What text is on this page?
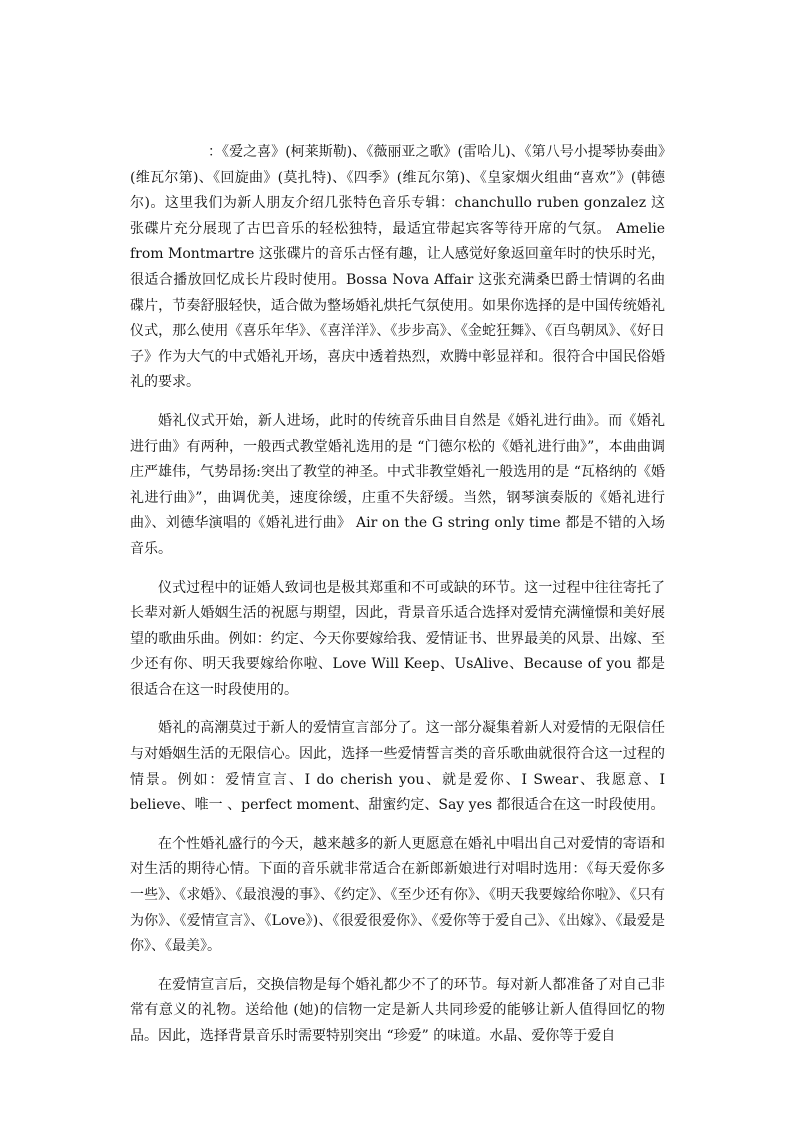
：《爱之喜》(柯莱斯勒)、《薇丽亚之歌》(雷哈儿)、《第八号小提琴协奏曲》(维瓦尔第)、《回旋曲》(莫扎特)、《四季》(维瓦尔第)、《皇家烟火组曲“喜欢”》(韩德尔)。这里我们为新人朋友介绍几张特色音乐专辑：chanchullo ruben gonzalez 这张碟片充分展现了古巴音乐的轻松独特，最适宜带起宾客等待开席的气氛。 Amelie from Montmartre 这张碟片的音乐古怪有趣，让人感觉好象返回童年时的快乐时光，很适合播放回忆成长片段时使用。Bossa Nova Affair 这张充满桑巴爵士情调的名曲碟片，节奏舒服轻快，适合做为整场婚礼烘托气氛使用。如果你选择的是中国传统婚礼仪式，那么使用《喜乐年华》、《喜洋洋》、《步步高》、《金蛇狂舞》、《百鸟朝凤》、《好日子》作为大气的中式婚礼开场，喜庆中透着热烈，欢腾中彰显祥和。很符合中国民俗婚礼的要求。

婚礼仪式开始，新人进场，此时的传统音乐曲目自然是《婚礼进行曲》。而《婚礼进行曲》有两种，一般西式教堂婚礼选用的是 “门德尔松的《婚礼进行曲》”，本曲曲调庄严雄伟，气势昂扬:突出了教堂的神圣。中式非教堂婚礼一般选用的是 “瓦格纳的《婚礼进行曲》”，曲调优美，速度徐缓，庄重不失舒缓。当然，钢琴演奏版的《婚礼进行曲》、刘德华演唱的《婚礼进行曲》 Air on the G string only time 都是不错的入场音乐。

仪式过程中的证婚人致词也是极其郑重和不可或缺的环节。这一过程中往往寄托了长辈对新人婚姻生活的祝愿与期望，因此，背景音乐适合选择对爱情充满憧憬和美好展望的歌曲乐曲。例如：约定、今天你要嫁给我、爱情证书、世界最美的风景、出嫁、至少还有你、明天我要嫁给你啦、Love Will Keep、UsAlive、Because of you 都是很适合在这一时段使用的。

婚礼的高潮莫过于新人的爱情宣言部分了。这一部分凝集着新人对爱情的无限信任与对婚姻生活的无限信心。因此，选择一些爱情誓言类的音乐歌曲就很符合这一过程的情景。例如：爱情宣言、I do cherish you、就是爱你、I Swear、我愿意、I believe、唯一 、perfect moment、甜蜜约定、Say yes 都很适合在这一时段使用。

在个性婚礼盛行的今天，越来越多的新人更愿意在婚礼中唱出自己对爱情的寄语和对生活的期待心情。下面的音乐就非常适合在新郎新娘进行对唱时选用：《每天爱你多一些》、《求婚》、《最浪漫的事》、《约定》、《至少还有你》、《明天我要嫁给你啦》、《只有为你》、《爱情宣言》、《Love》)、《很爱很爱你》、《爱你等于爱自己》、《出嫁》、《最爱是你》、《最美》。

在爱情宣言后，交换信物是每个婚礼都少不了的环节。每对新人都准备了对自己非常有意义的礼物。送给他 (她)的信物一定是新人共同珍爱的能够让新人值得回忆的物品。因此，选择背景音乐时需要特别突出 “珍爱” 的味道。水晶、爱你等于爱自
